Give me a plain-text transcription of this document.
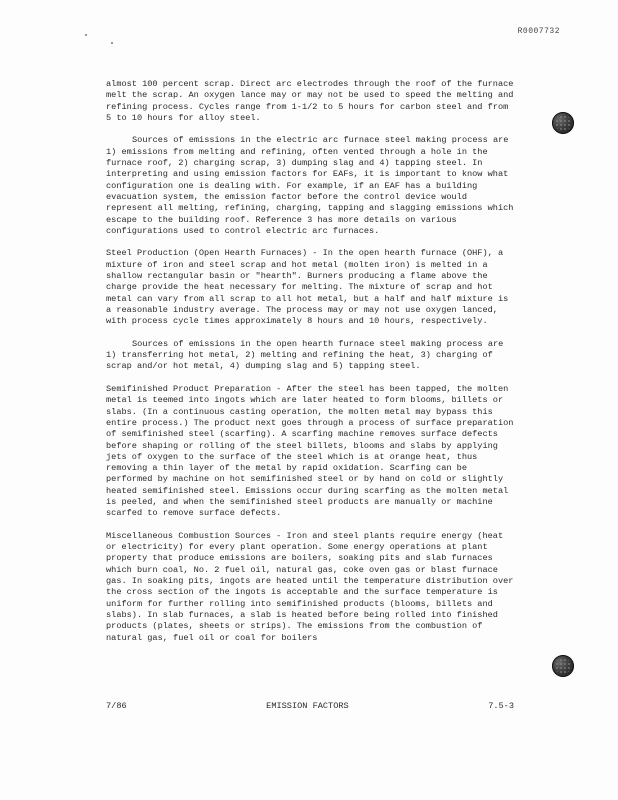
R0007732

almost 100 percent scrap. Direct arc electrodes through the roof of the furnace melt the scrap. An oxygen lance may or may not be used to speed the melting and refining process. Cycles range from 1-1/2 to 5 hours for carbon steel and from 5 to 10 hours for alloy steel.

Sources of emissions in the electric arc furnace steel making process are 1) emissions from melting and refining, often vented through a hole in the furnace roof, 2) charging scrap, 3) dumping slag and 4) tapping steel. In interpreting and using emission factors for EAFs, it is important to know what configuration one is dealing with. For example, if an EAF has a building evacuation system, the emission factor before the control device would represent all melting, refining, charging, tapping and slagging emissions which escape to the building roof. Reference 3 has more details on various configurations used to control electric arc furnaces.

Steel Production (Open Hearth Furnaces) - In the open hearth furnace (OHF), a mixture of iron and steel scrap and hot metal (molten iron) is melted in a shallow rectangular basin or "hearth". Burners producing a flame above the charge provide the heat necessary for melting. The mixture of scrap and hot metal can vary from all scrap to all hot metal, but a half and half mixture is a reasonable industry average. The process may or may not use oxygen lanced, with process cycle times approximately 8 hours and 10 hours, respectively.

Sources of emissions in the open hearth furnace steel making process are 1) transferring hot metal, 2) melting and refining the heat, 3) charging of scrap and/or hot metal, 4) dumping slag and 5) tapping steel.

Semifinished Product Preparation - After the steel has been tapped, the molten metal is teemed into ingots which are later heated to form blooms, billets or slabs. (In a continuous casting operation, the molten metal may bypass this entire process.) The product next goes through a process of surface preparation of semifinished steel (scarfing). A scarfing machine removes surface defects before shaping or rolling of the steel billets, blooms and slabs by applying jets of oxygen to the surface of the steel which is at orange heat, thus removing a thin layer of the metal by rapid oxidation. Scarfing can be performed by machine on hot semifinished steel or by hand on cold or slightly heated semifinished steel. Emissions occur during scarfing as the molten metal is peeled, and when the semifinished steel products are manually or machine scarfed to remove surface defects.

Miscellaneous Combustion Sources - Iron and steel plants require energy (heat or electricity) for every plant operation. Some energy operations at plant property that produce emissions are boilers, soaking pits and slab furnaces which burn coal, No. 2 fuel oil, natural gas, coke oven gas or blast furnace gas. In soaking pits, ingots are heated until the temperature distribution over the cross section of the ingots is acceptable and the surface temperature is uniform for further rolling into semifinished products (blooms, billets and slabs). In slab furnaces, a slab is heated before being rolled into finished products (plates, sheets or strips). The emissions from the combustion of natural gas, fuel oil or coal for boilers

7/86	EMISSION FACTORS	7.5-3
